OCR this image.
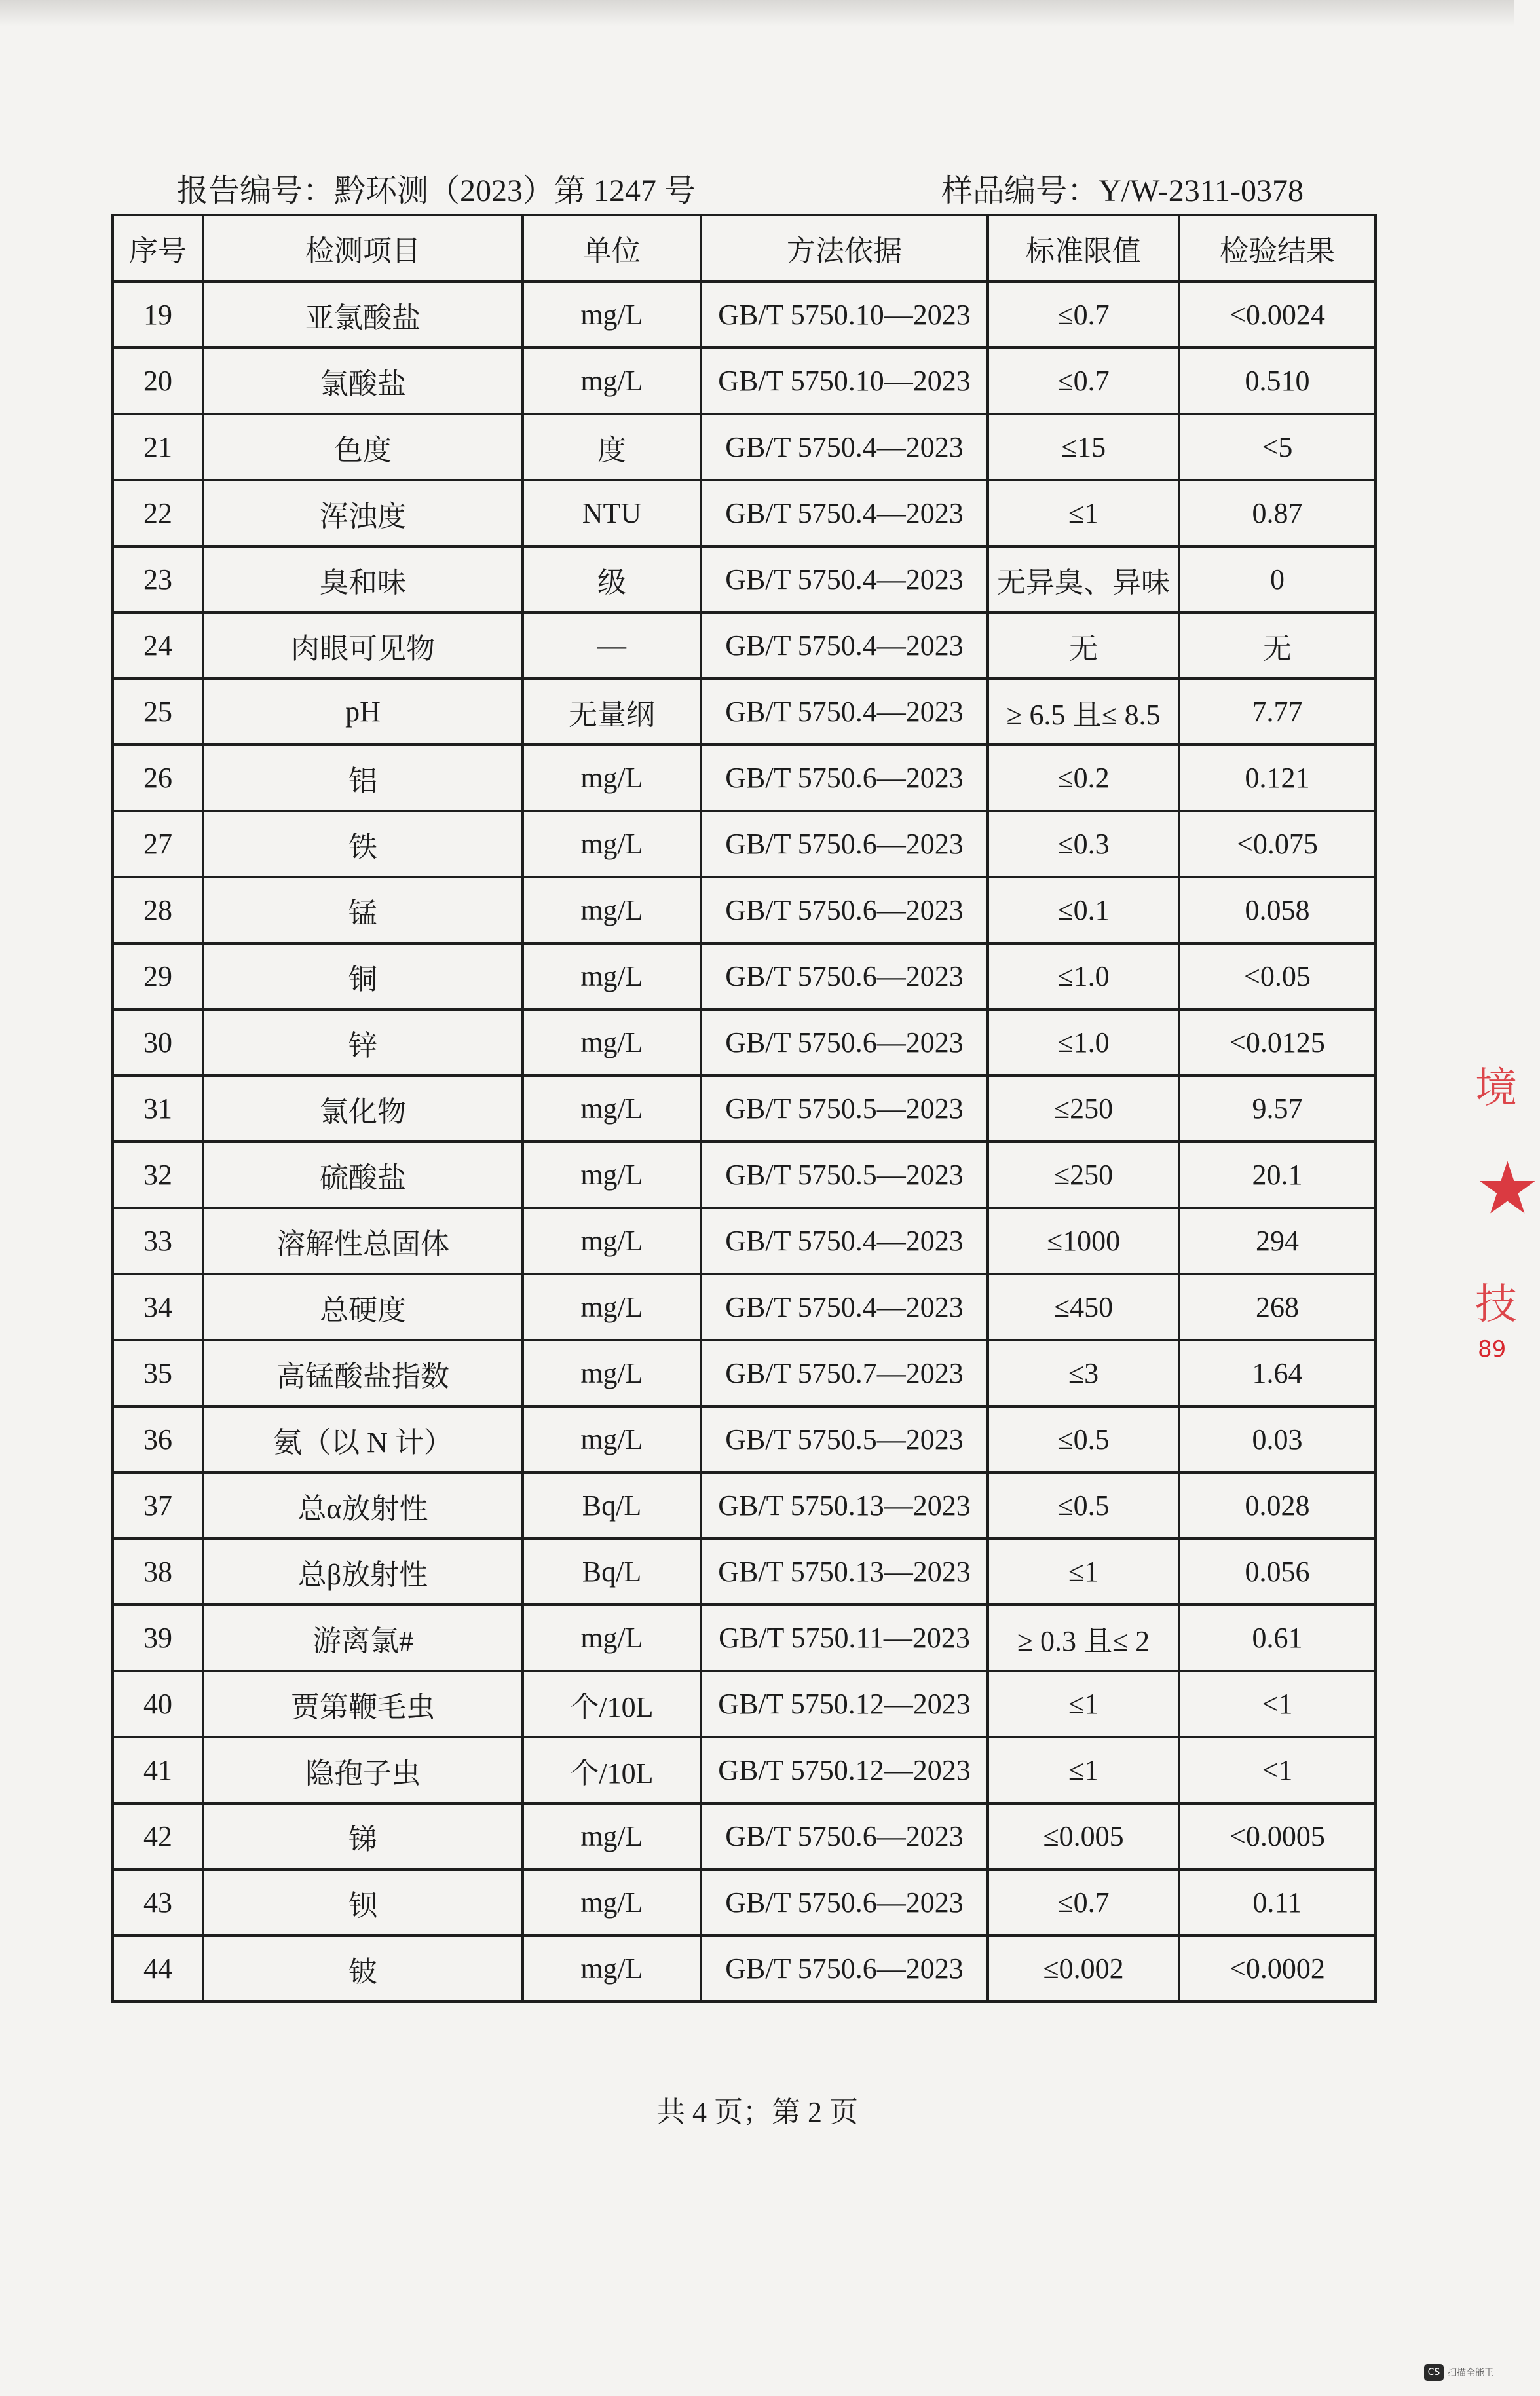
报告编号：黔环测（2023）第 1247 号	样品编号：Y/W-2311-0378
序号	检测项目	单位	方法依据	标准限值	检验结果
19	亚氯酸盐	mg/L	GB/T 5750.10—2023	≤0.7	<0.0024
20	氯酸盐	mg/L	GB/T 5750.10—2023	≤0.7	0.510
21	色度	度	GB/T 5750.4—2023	≤15	<5
22	浑浊度	NTU	GB/T 5750.4—2023	≤1	0.87
23	臭和味	级	GB/T 5750.4—2023	无异臭、异味	0
24	肉眼可见物	—	GB/T 5750.4—2023	无	无
25	pH	无量纲	GB/T 5750.4—2023	≥ 6.5 且≤ 8.5	7.77
26	铝	mg/L	GB/T 5750.6—2023	≤0.2	0.121
27	铁	mg/L	GB/T 5750.6—2023	≤0.3	<0.075
28	锰	mg/L	GB/T 5750.6—2023	≤0.1	0.058
29	铜	mg/L	GB/T 5750.6—2023	≤1.0	<0.05
30	锌	mg/L	GB/T 5750.6—2023	≤1.0	<0.0125
31	氯化物	mg/L	GB/T 5750.5—2023	≤250	9.57
32	硫酸盐	mg/L	GB/T 5750.5—2023	≤250	20.1
33	溶解性总固体	mg/L	GB/T 5750.4—2023	≤1000	294
34	总硬度	mg/L	GB/T 5750.4—2023	≤450	268
35	高锰酸盐指数	mg/L	GB/T 5750.7—2023	≤3	1.64
36	氨（以 N 计）	mg/L	GB/T 5750.5—2023	≤0.5	0.03
37	总α放射性	Bq/L	GB/T 5750.13—2023	≤0.5	0.028
38	总β放射性	Bq/L	GB/T 5750.13—2023	≤1	0.056
39	游离氯#	mg/L	GB/T 5750.11—2023	≥ 0.3 且≤ 2	0.61
40	贾第鞭毛虫	个/10L	GB/T 5750.12—2023	≤1	<1
41	隐孢子虫	个/10L	GB/T 5750.12—2023	≤1	<1
42	锑	mg/L	GB/T 5750.6—2023	≤0.005	<0.0005
43	钡	mg/L	GB/T 5750.6—2023	≤0.7	0.11
44	铍	mg/L	GB/T 5750.6—2023	≤0.002	<0.0002
共 4 页；第 2 页
境
★
技
89
CS 扫描全能王
